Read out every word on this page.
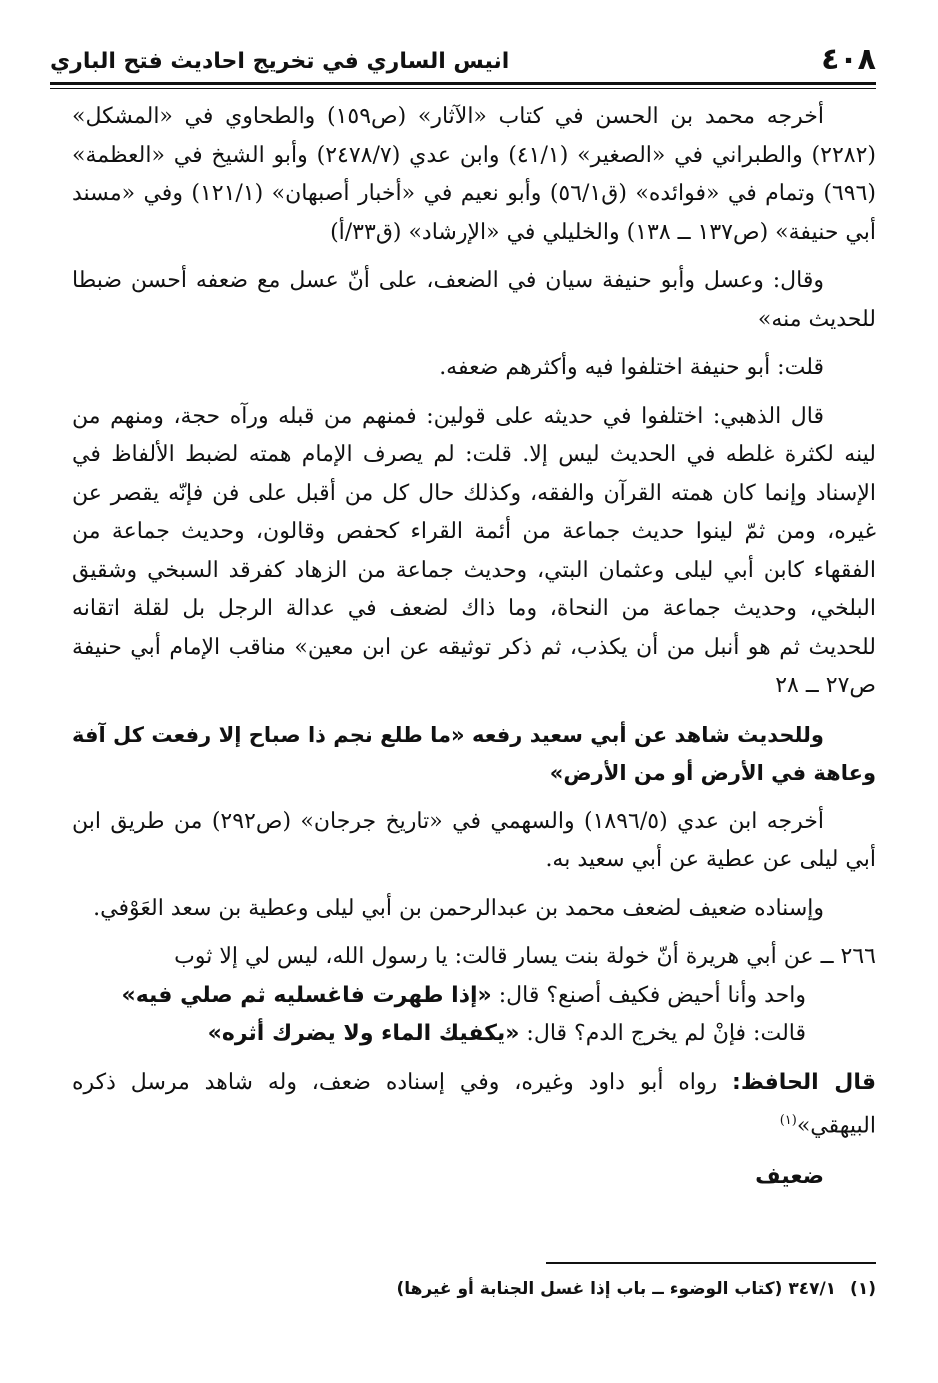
٤٠٨
انيس الساري في تخريج احاديث فتح الباري

أخرجه محمد بن الحسن في كتاب «الآثار» (ص١٥٩) والطحاوي في «المشكل» (٢٢٨٢) والطبراني في «الصغير» (٤١/١) وابن عدي (٢٤٧٨/٧) وأبو الشيخ في «العظمة» (٦٩٦) وتمام في «فوائده» (ق٥٦/١) وأبو نعيم في «أخبار أصبهان» (١٢١/١) وفي «مسند أبي حنيفة» (ص١٣٧ ــ ١٣٨) والخليلي في «الإرشاد» (ق٣٣/أ)

وقال: وعسل وأبو حنيفة سيان في الضعف، على أنّ عسل مع ضعفه أحسن ضبطا للحديث منه»

قلت: أبو حنيفة اختلفوا فيه وأكثرهم ضعفه.

قال الذهبي: اختلفوا في حديثه على قولين: فمنهم من قبله ورآه حجة، ومنهم من لينه لكثرة غلطه في الحديث ليس إلا. قلت: لم يصرف الإمام همته لضبط الألفاظ في الإسناد وإنما كان همته القرآن والفقه، وكذلك حال كل من أقبل على فن فإنّه يقصر عن غيره، ومن ثمّ لينوا حديث جماعة من أئمة القراء كحفص وقالون، وحديث جماعة من الفقهاء كابن أبي ليلى وعثمان البتي، وحديث جماعة من الزهاد كفرقد السبخي وشقيق البلخي، وحديث جماعة من النحاة، وما ذاك لضعف في عدالة الرجل بل لقلة اتقانه للحديث ثم هو أنبل من أن يكذب، ثم ذكر توثيقه عن ابن معين» مناقب الإمام أبي حنيفة ص٢٧ ــ ٢٨

وللحديث شاهد عن أبي سعيد رفعه «ما طلع نجم ذا صباح إلا رفعت كل آفة وعاهة في الأرض أو من الأرض»

أخرجه ابن عدي (١٨٩٦/٥) والسهمي في «تاريخ جرجان» (ص٢٩٢) من طريق ابن أبي ليلى عن عطية عن أبي سعيد به.

وإسناده ضعيف لضعف محمد بن عبدالرحمن بن أبي ليلى وعطية بن سعد العَوْفي.

٢٦٦ ــ عن أبي هريرة أنّ خولة بنت يسار قالت: يا رسول الله، ليس لي إلا ثوب
واحد وأنا أحيض فكيف أصنع؟ قال: «إذا طهرت فاغسليه ثم صلي فيه»
قالت: فإنْ لم يخرج الدم؟ قال: «يكفيك الماء ولا يضرك أثره»

قال الحافظ: رواه أبو داود وغيره، وفي إسناده ضعف، وله شاهد مرسل ذكره البيهقي»$^{(١)}$

ضعيف
(١)٣٤٧/١ (كتاب الوضوء ــ باب إذا غسل الجنابة أو غيرها)
